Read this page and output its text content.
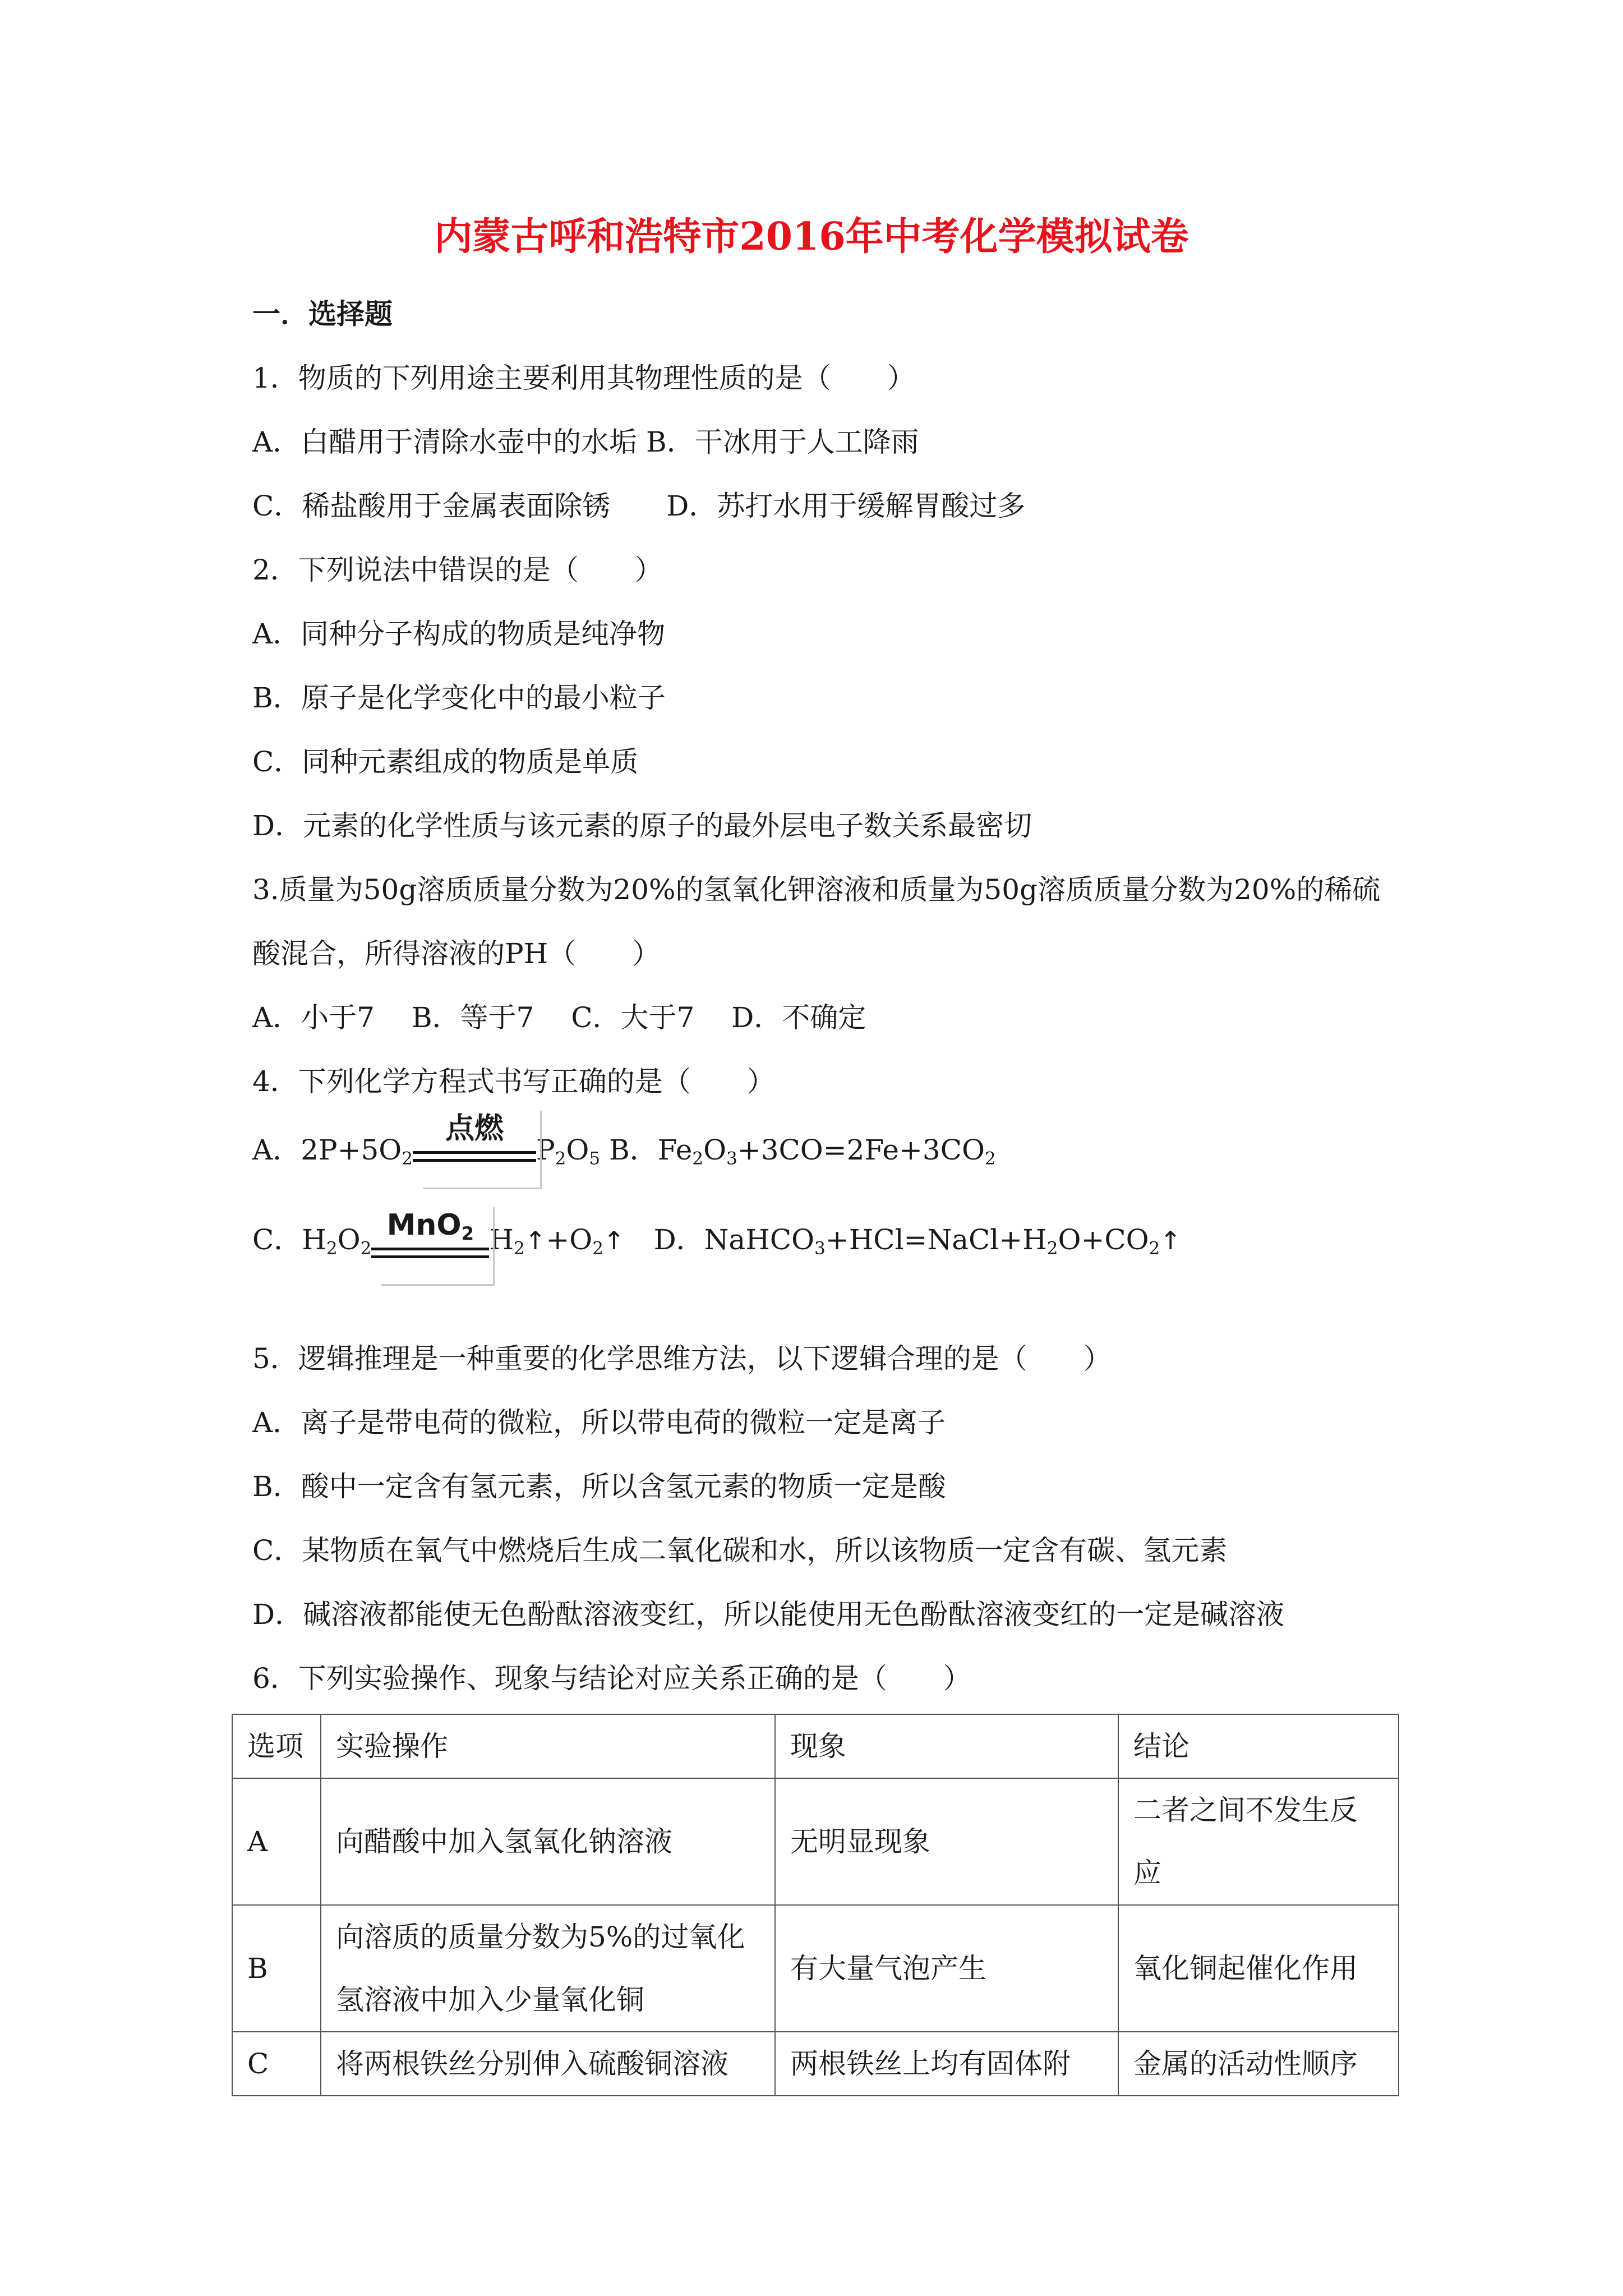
内蒙古呼和浩特市2016年中考化学模拟试卷
一．选择题
1．物质的下列用途主要利用其物理性质的是（　　）
A．白醋用于清除水壶中的水垢 B．干冰用于人工降雨
C．稀盐酸用于金属表面除锈　　D．苏打水用于缓解胃酸过多
2．下列说法中错误的是（　　）
A．同种分子构成的物质是纯净物
B．原子是化学变化中的最小粒子
C．同种元素组成的物质是单质
D．元素的化学性质与该元素的原子的最外层电子数关系最密切
3.质量为50g溶质质量分数为20%的氢氧化钾溶液和质量为50g溶质质量分数为20%的稀硫
酸混合，所得溶液的PH（　　）
A．小于7　 B．等于7　 C．大于7　 D．不确定
4．下列化学方程式书写正确的是（　　）
A．$2P+5O_2$
点燃
$P_2O_5$ B．$Fe_2O_3+3CO=2Fe+3CO_2$
C．$H_2O_2$
MnO$_2$ $H_2↑+O_2↑$ D．$NaHCO_3+HCl=NaCl+H_2O+CO_2↑$
5．逻辑推理是一种重要的化学思维方法，以下逻辑合理的是（　　）
A．离子是带电荷的微粒，所以带电荷的微粒一定是离子
B．酸中一定含有氢元素，所以含氢元素的物质一定是酸
C．某物质在氧气中燃烧后生成二氧化碳和水，所以该物质一定含有碳、氢元素
D．碱溶液都能使无色酚酞溶液变红，所以能使用无色酚酞溶液变红的一定是碱溶液
6．下列实验操作、现象与结论对应关系正确的是（　　）
选项	实验操作	现象	结论
A	向醋酸中加入氢氧化钠溶液	无明显现象	二者之间不发生反应
B	向溶质的质量分数为5%的过氧化氢溶液中加入少量氧化铜	有大量气泡产生	氧化铜起催化作用
C	将两根铁丝分别伸入硫酸铜溶液	两根铁丝上均有固体附	金属的活动性顺序
